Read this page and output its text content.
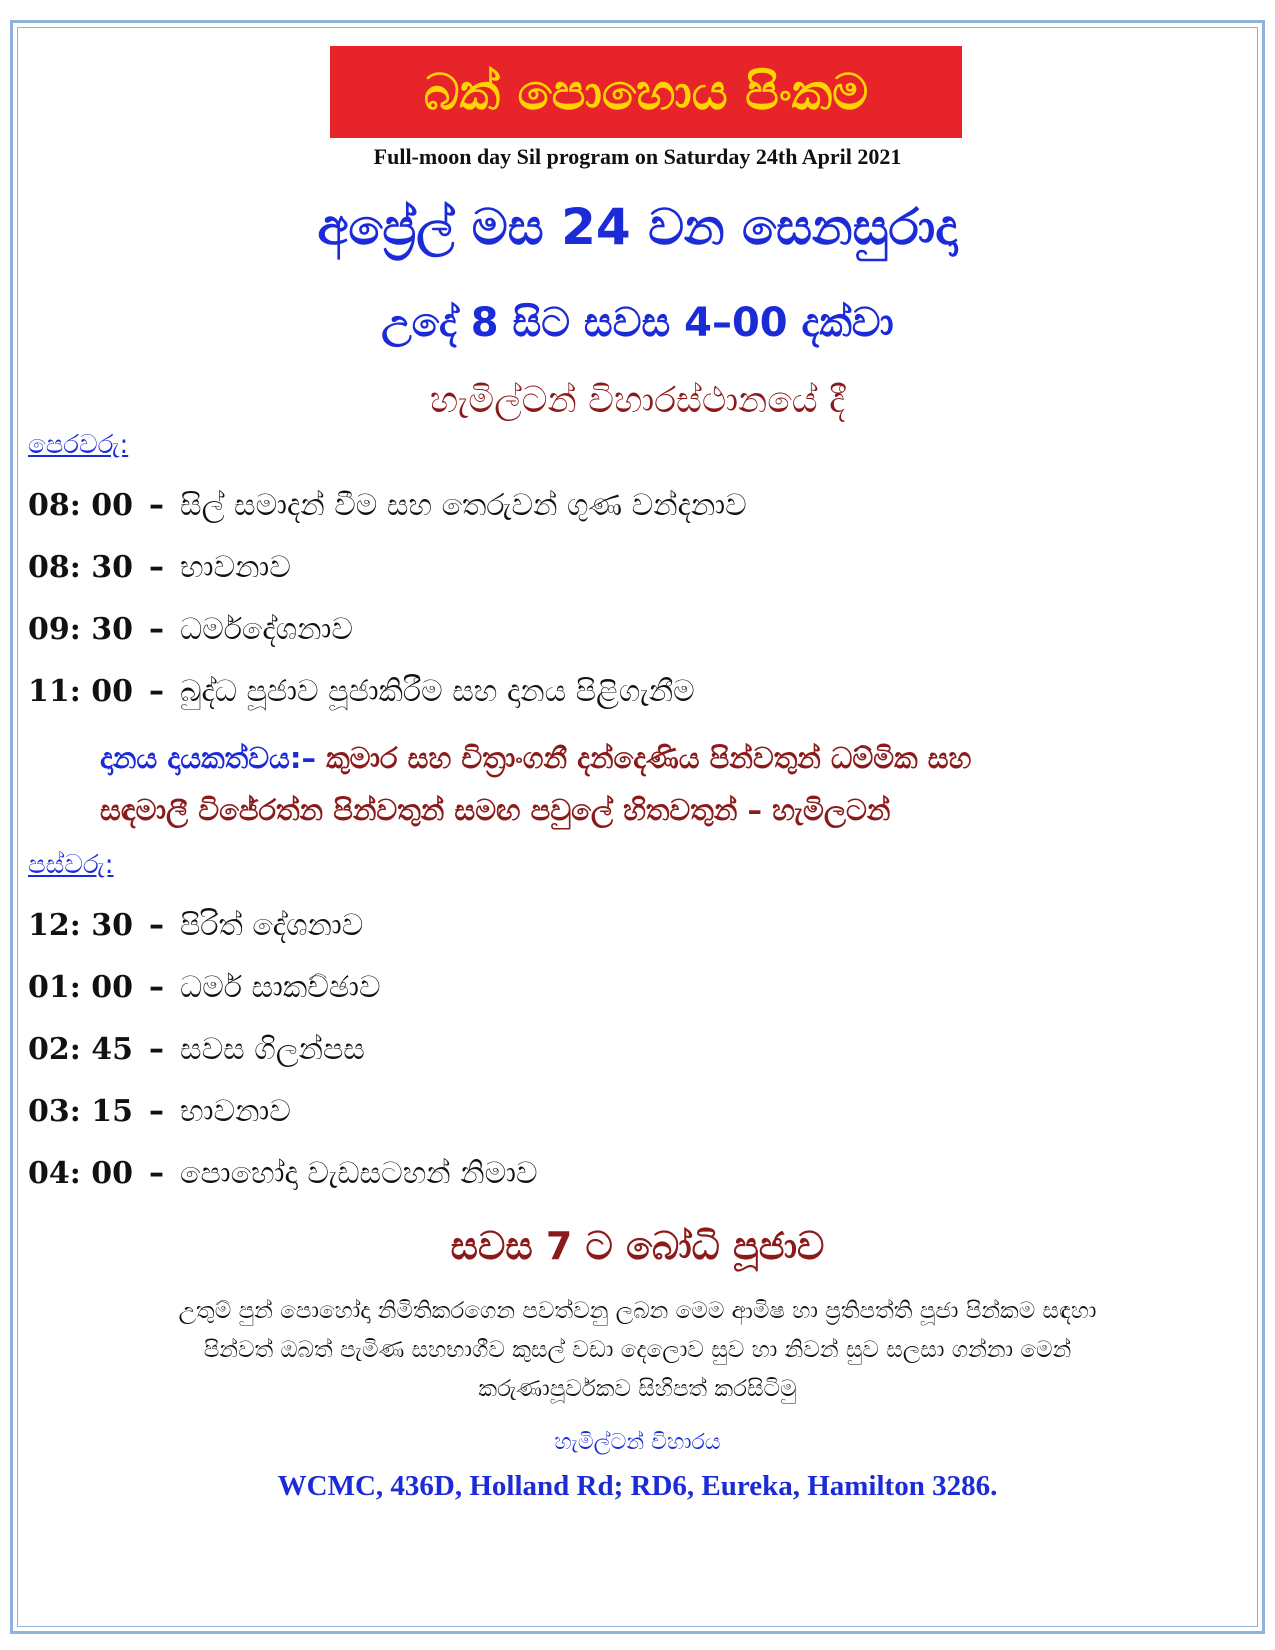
බක් පොහොය පිංකම
Full-moon day Sil program on Saturday 24th April 2021
අප්‍රේල් මස 24 වන සෙනසුරාදා
උදේ 8 සිට සවස 4–00 දක්වා
හැමිල්ටන් විහාරස්ථානයේ දී
පෙරවරු:
08: 00 – සිල් සමාදන් වීම සහ තෙරුවන් ගුණ වන්දනාව
08: 30 – භාවනාව
09: 30 – ධර්මදේශනාව
11: 00 – බුද්ධ පූජාව පූජාකිරීම සහ දානය පිළිගැනීම
දානය දායකත්වය:– කුමාර සහ චිත්‍රාංගනී දන්දෙණිය පින්වතුන් ධම්මික සහ
සඳමාලී විජේරත්න පින්වතුන් සමඟ පවුලේ හිතවතුන් – හැමිලටන්
පස්වරු:
12: 30 – පිරිත් දේශනාව
01: 00 – ධර්ම සාකච්ඡාව
02: 45 – සවස ගිලන්පස
03: 15 – භාවනාව
04: 00 – පොහෝදා වැඩසටහන් නිමාව
සවස 7 ට බෝධි පූජාව
උතුම් පුන් පොහෝදා නිමිතිකරගෙන පවත්වනු ලබන මෙම ආමිෂ හා ප්‍රතිපත්ති පූජා පින්කම සඳහා
පින්වත් ඔබත් පැමිණ සහභාගීව කුසල් වඩා දෙලොව සුව හා නිවන් සුව සලසා ගන්නා මෙන්
කරුණාපූර්වකව සිහිපත් කරසිටිමු
හැමිල්ටන් විහාරය
WCMC, 436D, Holland Rd; RD6, Eureka, Hamilton 3286.
